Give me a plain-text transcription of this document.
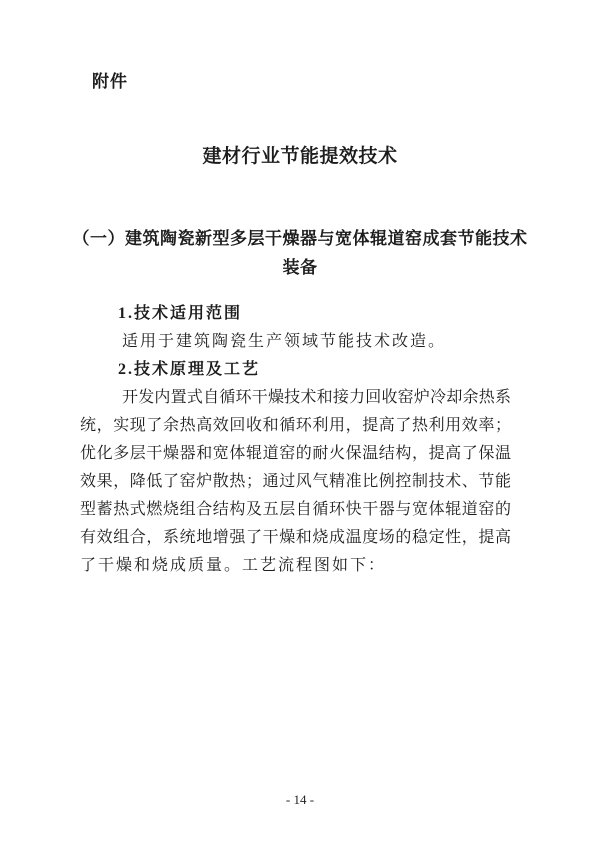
附件
建材行业节能提效技术
（一）建筑陶瓷新型多层干燥器与宽体辊道窑成套节能技术
装备
1.技术适用范围
适用于建筑陶瓷生产领域节能技术改造。
2.技术原理及工艺
开发内置式自循环干燥技术和接力回收窑炉冷却余热系
统，实现了余热高效回收和循环利用，提高了热利用效率；
优化多层干燥器和宽体辊道窑的耐火保温结构，提高了保温
效果，降低了窑炉散热；通过风气精准比例控制技术、节能
型蓄热式燃烧组合结构及五层自循环快干器与宽体辊道窑的
有效组合，系统地增强了干燥和烧成温度场的稳定性，提高
了干燥和烧成质量。工艺流程图如下：
- 14 -
